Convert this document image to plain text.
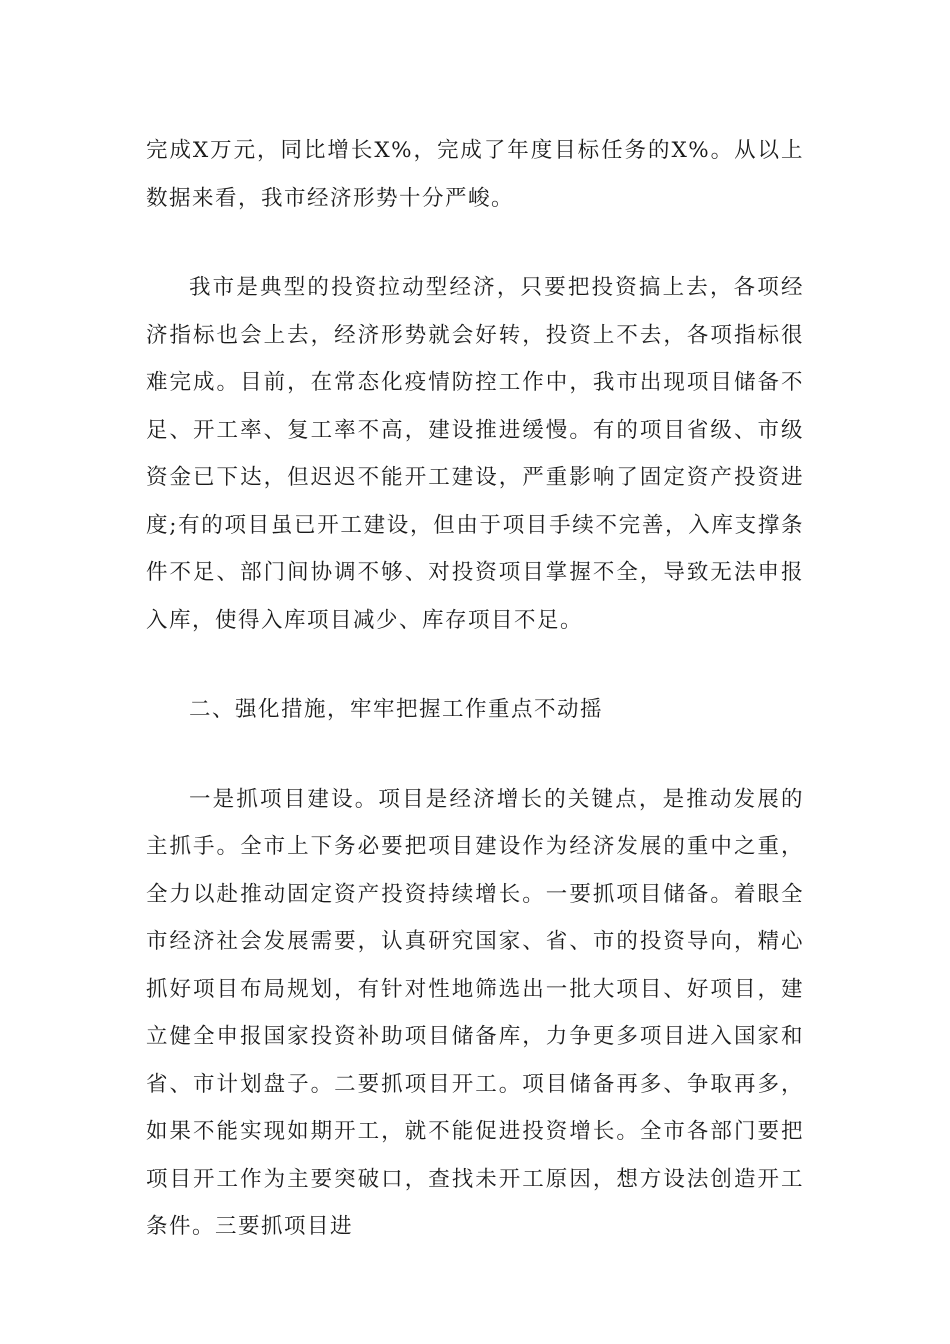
完成X万元，同比增长X%，完成了年度目标任务的X%。从以上数据来看，我市经济形势十分严峻。

我市是典型的投资拉动型经济，只要把投资搞上去，各项经济指标也会上去，经济形势就会好转，投资上不去，各项指标很难完成。目前，在常态化疫情防控工作中，我市出现项目储备不足、开工率、复工率不高，建设推进缓慢。有的项目省级、市级资金已下达，但迟迟不能开工建设，严重影响了固定资产投资进度;有的项目虽已开工建设，但由于项目手续不完善，入库支撑条件不足、部门间协调不够、对投资项目掌握不全，导致无法申报入库，使得入库项目减少、库存项目不足。

二、强化措施，牢牢把握工作重点不动摇

一是抓项目建设。项目是经济增长的关键点，是推动发展的主抓手。全市上下务必要把项目建设作为经济发展的重中之重，全力以赴推动固定资产投资持续增长。一要抓项目储备。着眼全市经济社会发展需要，认真研究国家、省、市的投资导向，精心抓好项目布局规划，有针对性地筛选出一批大项目、好项目，建立健全申报国家投资补助项目储备库，力争更多项目进入国家和省、市计划盘子。二要抓项目开工。项目储备再多、争取再多，如果不能实现如期开工，就不能促进投资增长。全市各部门要把项目开工作为主要突破口，查找未开工原因，想方设法创造开工条件。三要抓项目进
